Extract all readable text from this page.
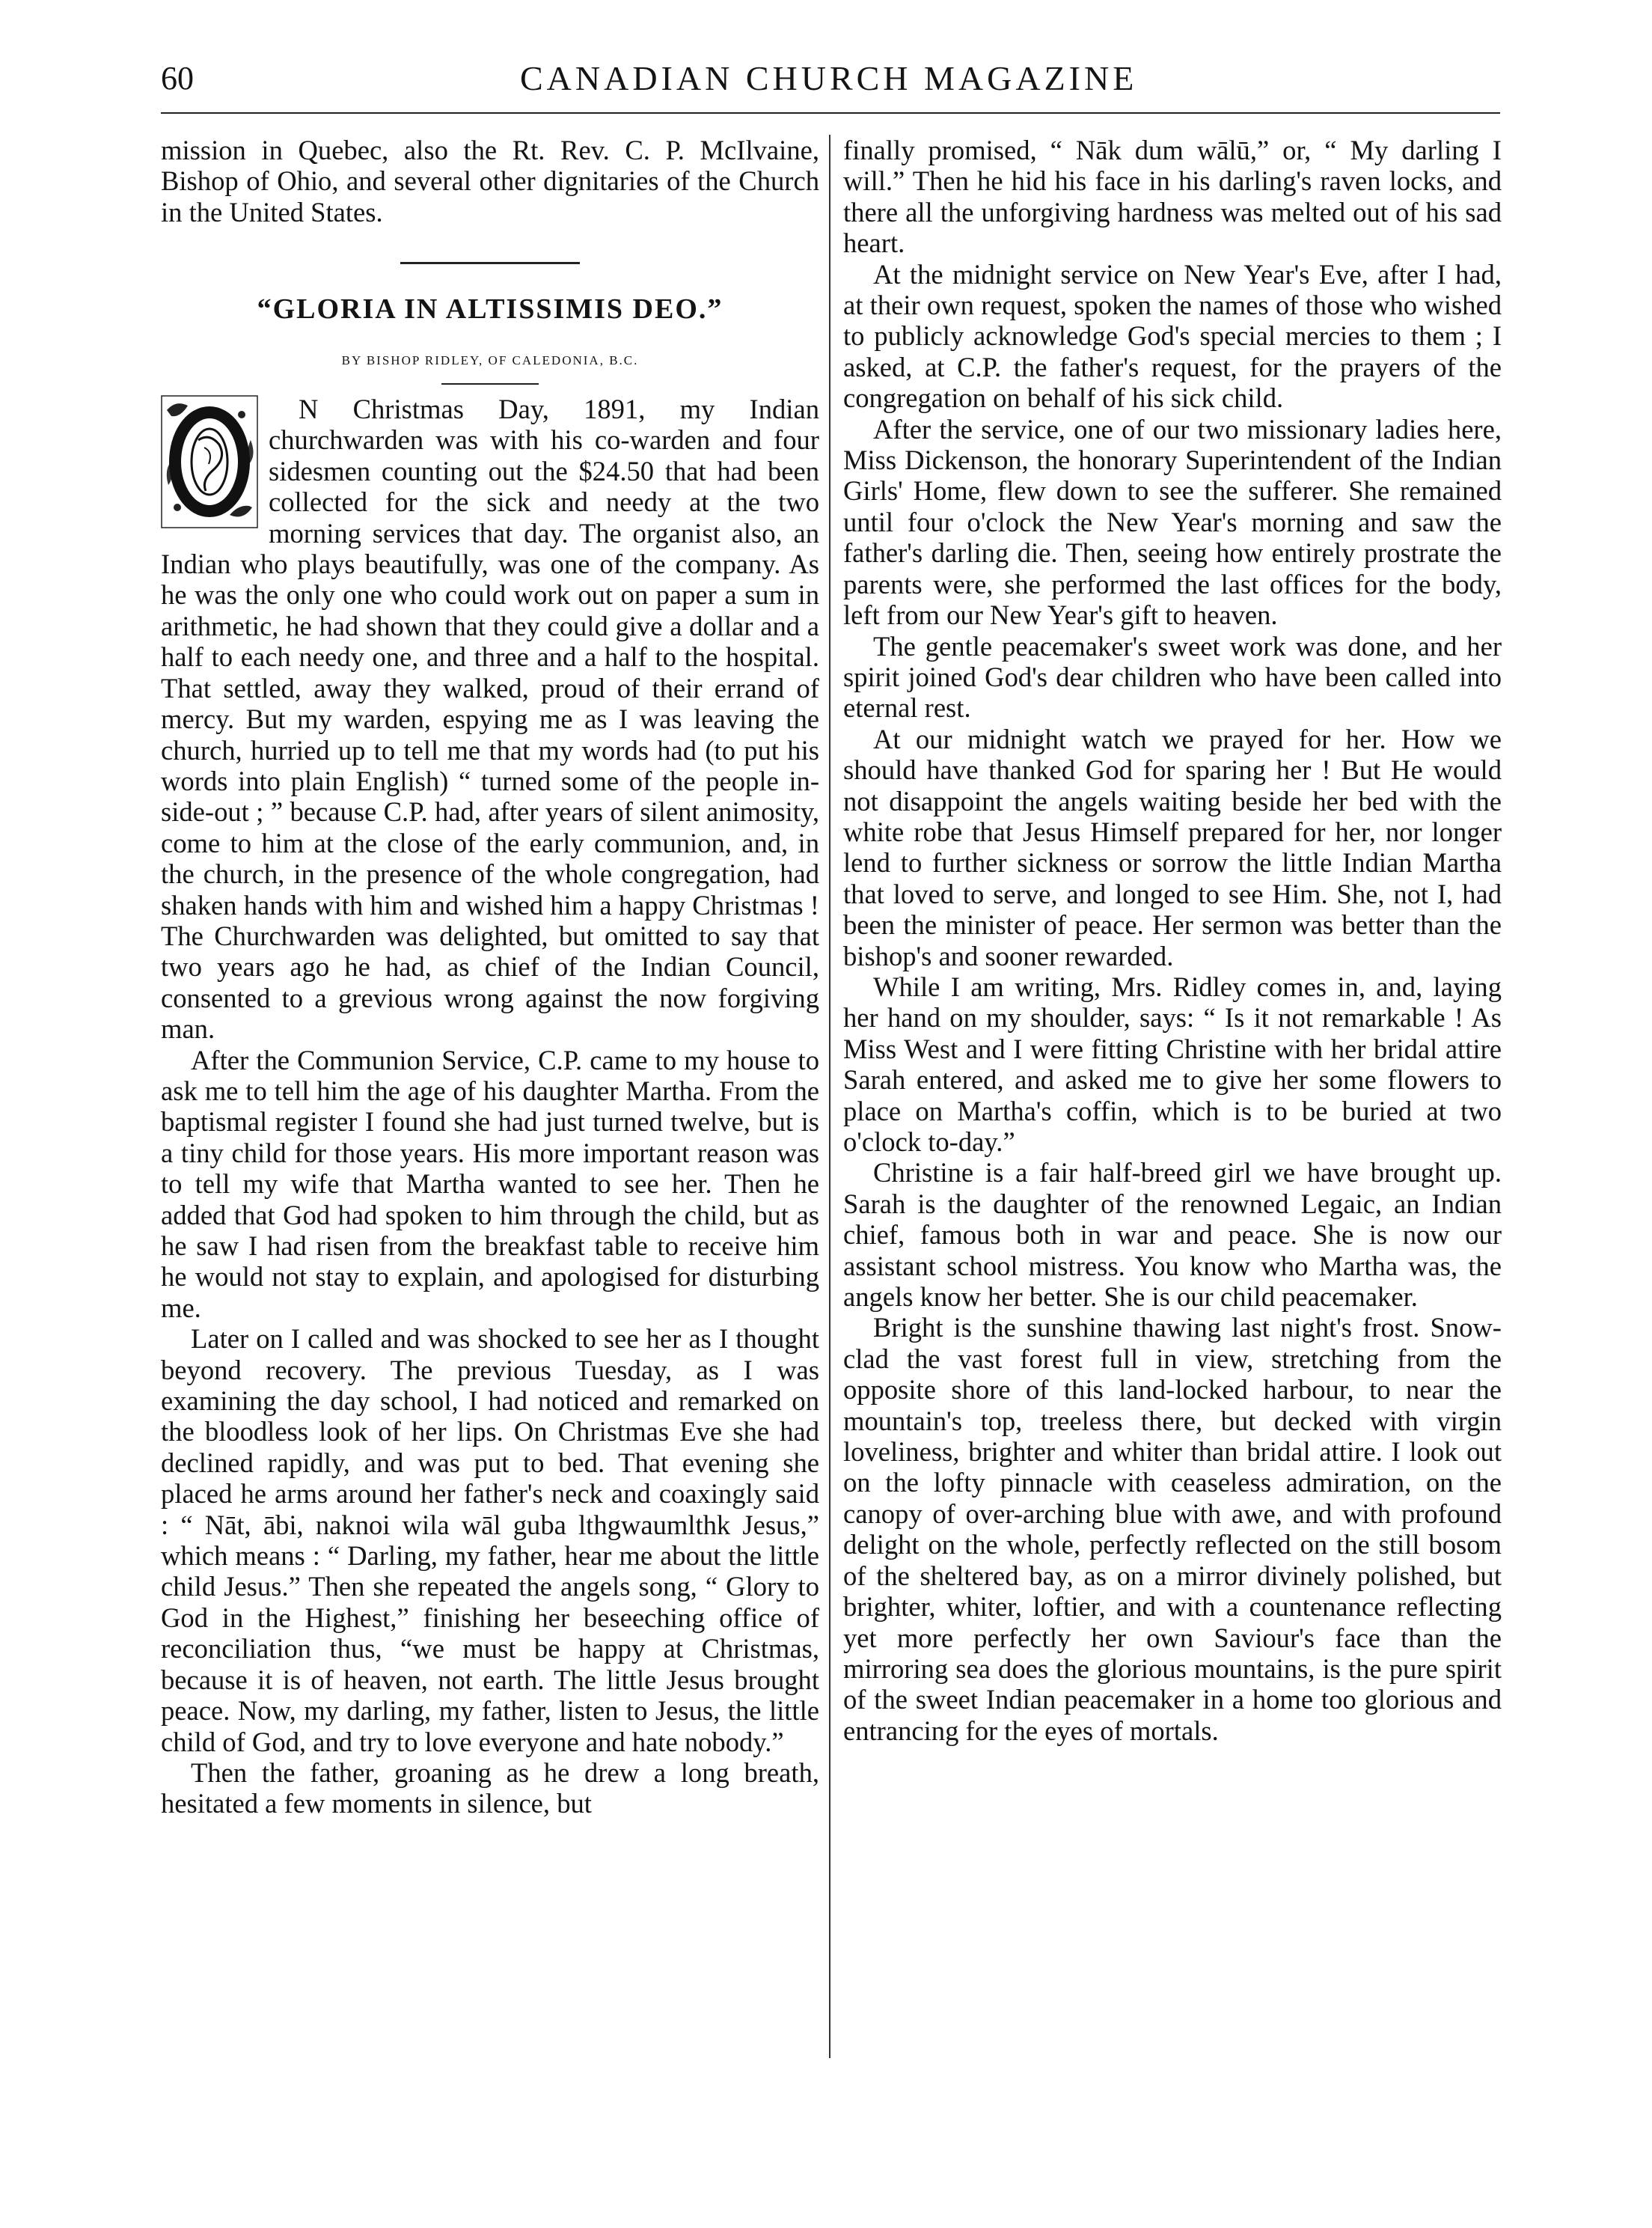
60	CANADIAN CHURCH MAGAZINE

mission in Quebec, also the Rt. Rev. C. P. McIlvaine, Bishop of Ohio, and several other dignitaries of the Church in the United States.

“GLORIA IN ALTISSIMIS DEO.”

BY BISHOP RIDLEY, OF CALEDONIA, B.C.

N Christmas Day, 1891, my Indian churchwarden was with his co-warden and four sidesmen counting out the $24.50 that had been collected for the sick and needy at the two morning services that day. The organist also, an Indian who plays beautifully, was one of the company. As he was the only one who could work out on paper a sum in arithmetic, he had shown that they could give a dollar and a half to each needy one, and three and a half to the hospital. That settled, away they walked, proud of their errand of mercy. But my warden, espying me as I was leaving the church, hurried up to tell me that my words had (to put his words into plain English) “ turned some of the people in-side-out ; ” because C.P. had, after years of silent animosity, come to him at the close of the early communion, and, in the church, in the presence of the whole congregation, had shaken hands with him and wished him a happy Christmas ! The Churchwarden was delighted, but omitted to say that two years ago he had, as chief of the Indian Council, consented to a grevious wrong against the now forgiving man.

After the Communion Service, C.P. came to my house to ask me to tell him the age of his daughter Martha. From the baptismal register I found she had just turned twelve, but is a tiny child for those years. His more important reason was to tell my wife that Martha wanted to see her. Then he added that God had spoken to him through the child, but as he saw I had risen from the breakfast table to receive him he would not stay to explain, and apologised for disturbing me.

Later on I called and was shocked to see her as I thought beyond recovery. The previous Tuesday, as I was examining the day school, I had noticed and remarked on the bloodless look of her lips. On Christmas Eve she had declined rapidly, and was put to bed. That evening she placed he arms around her father's neck and coaxingly said : “ Nāt, ābi, naknoi wila wāl guba lthgwaumlthk Jesus,” which means : “ Darling, my father, hear me about the little child Jesus.” Then she repeated the angels song, “ Glory to God in the Highest,” finishing her beseeching office of reconciliation thus, “we must be happy at Christmas, because it is of heaven, not earth. The little Jesus brought peace. Now, my darling, my father, listen to Jesus, the little child of God, and try to love everyone and hate nobody.”

Then the father, groaning as he drew a long breath, hesitated a few moments in silence, but

finally promised, “ Nāk dum wālū,” or, “ My darling I will.” Then he hid his face in his darling's raven locks, and there all the unforgiving hardness was melted out of his sad heart.

At the midnight service on New Year's Eve, after I had, at their own request, spoken the names of those who wished to publicly acknowledge God's special mercies to them ; I asked, at C.P. the father's request, for the prayers of the congregation on behalf of his sick child.

After the service, one of our two missionary ladies here, Miss Dickenson, the honorary Superintendent of the Indian Girls' Home, flew down to see the sufferer. She remained until four o'clock the New Year's morning and saw the father's darling die. Then, seeing how entirely prostrate the parents were, she performed the last offices for the body, left from our New Year's gift to heaven.

The gentle peacemaker's sweet work was done, and her spirit joined God's dear children who have been called into eternal rest.

At our midnight watch we prayed for her. How we should have thanked God for sparing her ! But He would not disappoint the angels waiting beside her bed with the white robe that Jesus Himself prepared for her, nor longer lend to further sickness or sorrow the little Indian Martha that loved to serve, and longed to see Him. She, not I, had been the minister of peace. Her sermon was better than the bishop's and sooner rewarded.

While I am writing, Mrs. Ridley comes in, and, laying her hand on my shoulder, says: “ Is it not remarkable ! As Miss West and I were fitting Christine with her bridal attire Sarah entered, and asked me to give her some flowers to place on Martha's coffin, which is to be buried at two o'clock to-day.”

Christine is a fair half-breed girl we have brought up. Sarah is the daughter of the renowned Legaic, an Indian chief, famous both in war and peace. She is now our assistant school mistress. You know who Martha was, the angels know her better. She is our child peacemaker.

Bright is the sunshine thawing last night's frost. Snow-clad the vast forest full in view, stretching from the opposite shore of this land-locked harbour, to near the mountain's top, treeless there, but decked with virgin loveliness, brighter and whiter than bridal attire. I look out on the lofty pinnacle with ceaseless admiration, on the canopy of over-arching blue with awe, and with profound delight on the whole, perfectly reflected on the still bosom of the sheltered bay, as on a mirror divinely polished, but brighter, whiter, loftier, and with a countenance reflecting yet more perfectly her own Saviour's face than the mirroring sea does the glorious mountains, is the pure spirit of the sweet Indian peacemaker in a home too glorious and entrancing for the eyes of mortals.
